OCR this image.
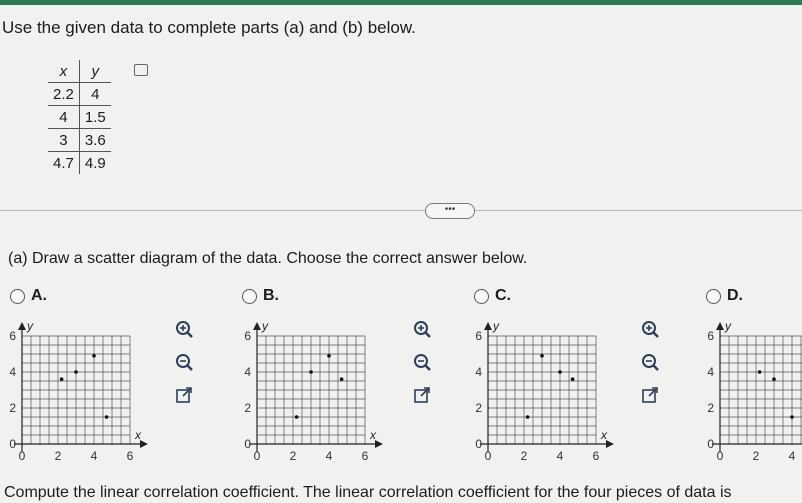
Use the given data to complete parts (a) and (b) below.
x	y
2.2	4
4	1.5
3	3.6
4.7	4.9
•••
(a) Draw a scatter diagram of the data. Choose the correct answer below.
A.	B.	C.	D.
y
x
0 2 4 6
0
2
4
6
y
x
0 2 4 6
0
2
4
6
y
x
0 2 4 6
0
2
4
6
y
0 2 4
0
2
4
6
Compute the linear correlation coefficient. The linear correlation coefficient for the four pieces of data is
